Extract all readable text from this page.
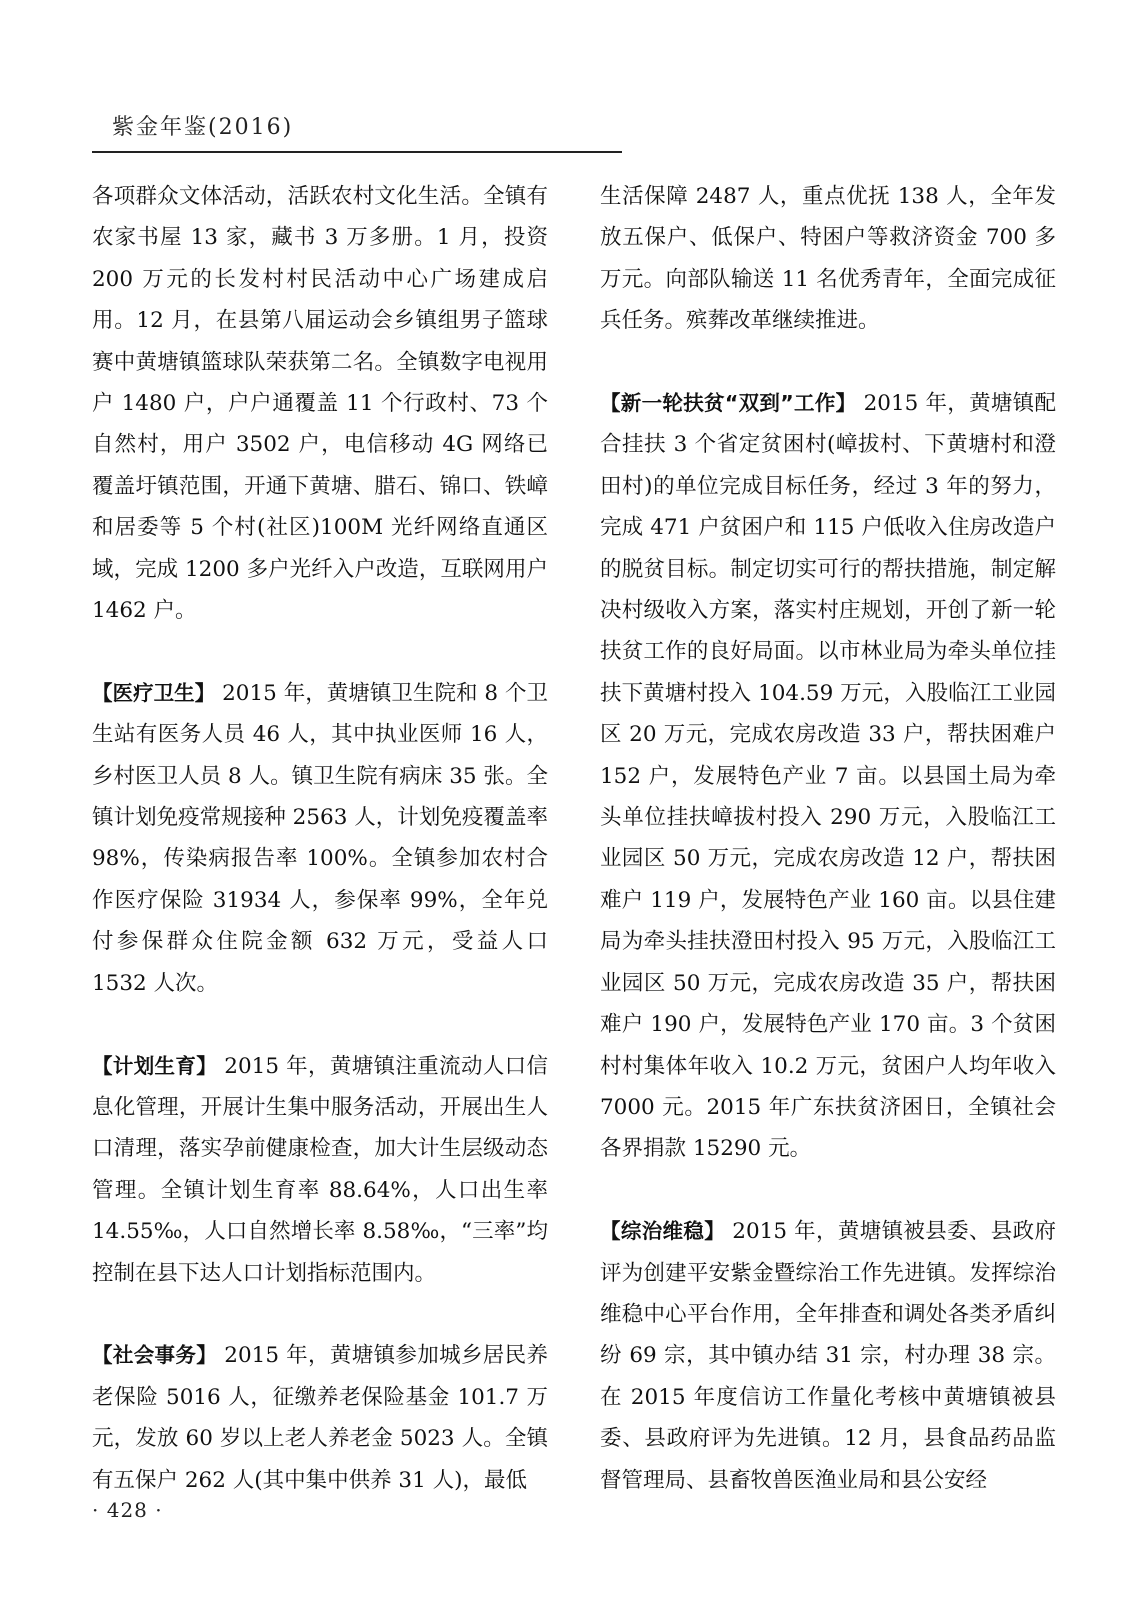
紫金年鉴(2016)

各项群众文体活动，活跃农村文化生活。全镇有农家书屋 13 家，藏书 3 万多册。1 月，投资 200 万元的长发村村民活动中心广场建成启用。12 月，在县第八届运动会乡镇组男子篮球赛中黄塘镇篮球队荣获第二名。全镇数字电视用户 1480 户，户户通覆盖 11 个行政村、73 个自然村，用户 3502 户，电信移动 4G 网络已覆盖圩镇范围，开通下黄塘、腊石、锦口、铁嶂和居委等 5 个村(社区)100M 光纤网络直通区域，完成 1200 多户光纤入户改造，互联网用户 1462 户。

【医疗卫生】 2015 年，黄塘镇卫生院和 8 个卫生站有医务人员 46 人，其中执业医师 16 人，乡村医卫人员 8 人。镇卫生院有病床 35 张。全镇计划免疫常规接种 2563 人，计划免疫覆盖率 98%，传染病报告率 100%。全镇参加农村合作医疗保险 31934 人，参保率 99%，全年兑付参保群众住院金额 632 万元，受益人口 1532 人次。

【计划生育】 2015 年，黄塘镇注重流动人口信息化管理，开展计生集中服务活动，开展出生人口清理，落实孕前健康检查，加大计生层级动态管理。全镇计划生育率 88.64%，人口出生率 14.55‰，人口自然增长率 8.58‰，“三率”均控制在县下达人口计划指标范围内。

【社会事务】 2015 年，黄塘镇参加城乡居民养老保险 5016 人，征缴养老保险基金 101.7 万元，发放 60 岁以上老人养老金 5023 人。全镇有五保户 262 人(其中集中供养 31 人)，最低

生活保障 2487 人，重点优抚 138 人，全年发放五保户、低保户、特困户等救济资金 700 多万元。向部队输送 11 名优秀青年，全面完成征兵任务。殡葬改革继续推进。

【新一轮扶贫“双到”工作】 2015 年，黄塘镇配合挂扶 3 个省定贫困村(嶂拔村、下黄塘村和澄田村)的单位完成目标任务，经过 3 年的努力，完成 471 户贫困户和 115 户低收入住房改造户的脱贫目标。制定切实可行的帮扶措施，制定解决村级收入方案，落实村庄规划，开创了新一轮扶贫工作的良好局面。以市林业局为牵头单位挂扶下黄塘村投入 104.59 万元，入股临江工业园区 20 万元，完成农房改造 33 户，帮扶困难户 152 户，发展特色产业 7 亩。以县国土局为牵头单位挂扶嶂拔村投入 290 万元，入股临江工业园区 50 万元，完成农房改造 12 户，帮扶困难户 119 户，发展特色产业 160 亩。以县住建局为牵头挂扶澄田村投入 95 万元，入股临江工业园区 50 万元，完成农房改造 35 户，帮扶困难户 190 户，发展特色产业 170 亩。3 个贫困村村集体年收入 10.2 万元，贫困户人均年收入 7000 元。2015 年广东扶贫济困日，全镇社会各界捐款 15290 元。

【综治维稳】 2015 年，黄塘镇被县委、县政府评为创建平安紫金暨综治工作先进镇。发挥综治维稳中心平台作用，全年排查和调处各类矛盾纠纷 69 宗，其中镇办结 31 宗，村办理 38 宗。在 2015 年度信访工作量化考核中黄塘镇被县委、县政府评为先进镇。12 月，县食品药品监督管理局、县畜牧兽医渔业局和县公安经

· 428 ·
